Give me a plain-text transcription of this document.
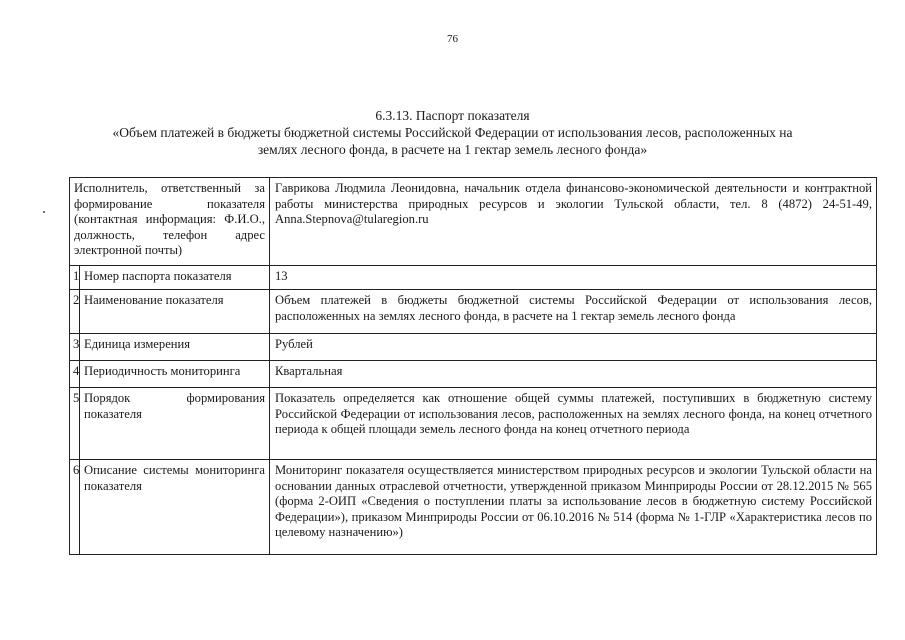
76
6.3.13. Паспорт показателя
«Объем платежей в бюджеты бюджетной системы Российской Федерации от использования лесов, расположенных на
землях лесного фонда, в расчете на 1 гектар земель лесного фонда»
Исполнитель, ответственный за формирование показателя (контактная информация: Ф.И.О., должность, телефон адрес электронной почты)		Гаврикова Людмила Леонидовна, начальник отдела финансово-экономической деятельности и контрактной работы министерства природных ресурсов и экологии Тульской области, тел. 8 (4872) 24-51-49, Anna.Stepnova@tularegion.ru
1	Номер паспорта показателя	13
2	Наименование показателя	Объем платежей в бюджеты бюджетной системы Российской Федерации от использования лесов, расположенных на землях лесного фонда, в расчете на 1 гектар земель лесного фонда
3	Единица измерения	Рублей
4	Периодичность мониторинга	Квартальная
5	Порядок формирования показателя	Показатель определяется как отношение общей суммы платежей, поступивших в бюджетную систему Российской Федерации от использования лесов, расположенных на землях лесного фонда, на конец отчетного периода к общей площади земель лесного фонда на конец отчетного периода
6	Описание системы мониторинга показателя	Мониторинг показателя осуществляется министерством природных ресурсов и экологии Тульской области на основании данных отраслевой отчетности, утвержденной приказом Минприроды России от 28.12.2015 № 565 (форма 2-ОИП «Сведения о поступлении платы за использование лесов в бюджетную систему Российской Федерации»), приказом Минприроды России от 06.10.2016 № 514 (форма № 1-ГЛР «Характеристика лесов по целевому назначению»)
